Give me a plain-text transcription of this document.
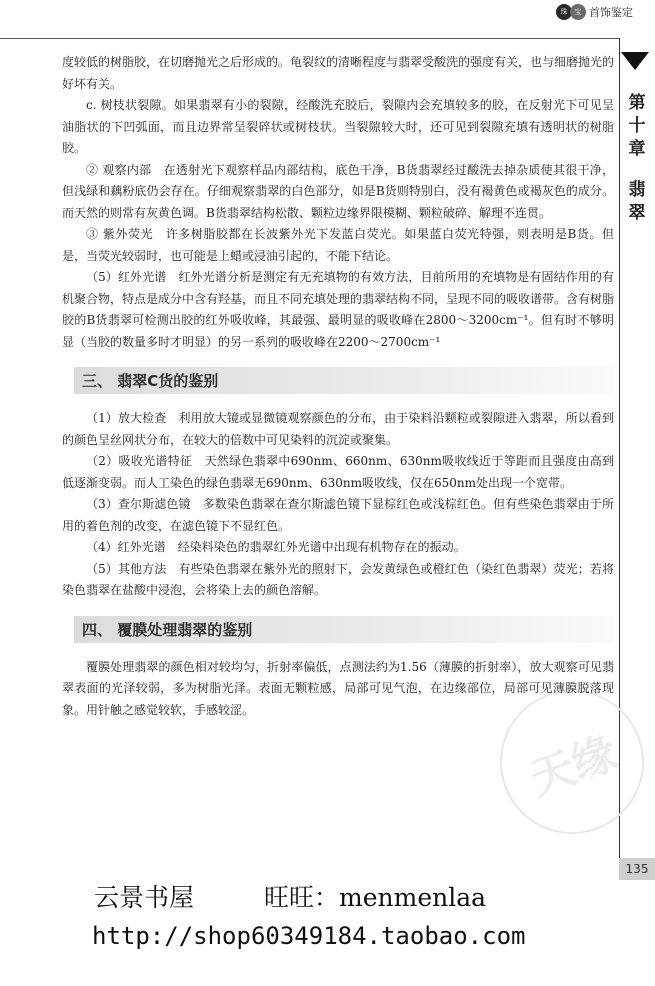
珠	宝 首饰鉴定
第十章
翡翠
135
天缘

度较低的树脂胶，在切磨抛光之后形成的。龟裂纹的清晰程度与翡翠受酸洗的强度有关，也与细磨抛光的好坏有关。

c. 树枝状裂隙。如果翡翠有小的裂隙，经酸洗充胶后，裂隙内会充填较多的胶，在反射光下可见呈油脂状的下凹弧面，而且边界常呈裂碎状或树枝状。当裂隙较大时，还可见到裂隙充填有透明状的树脂胶。

② 观察内部　在透射光下观察样品内部结构，底色干净，B货翡翠经过酸洗去掉杂质使其很干净，但浅绿和藕粉底仍会存在。仔细观察翡翠的白色部分，如是B货则特别白，没有褐黄色或褐灰色的成分。而天然的则常有灰黄色调。B货翡翠结构松散、颗粒边缘界限模糊、颗粒破碎、解理不连贯。

③ 紫外荧光　许多树脂胶都在长波紫外光下发蓝白荧光。如果蓝白荧光特强，则表明是B货。但是，当荧光较弱时，也可能是上蜡或浸油引起的，不能下结论。

（5）红外光谱　红外光谱分析是测定有无充填物的有效方法，目前所用的充填物是有固结作用的有机聚合物，特点是成分中含有羟基，而且不同充填处理的翡翠结构不同，呈现不同的吸收谱带。含有树脂胶的B货翡翠可检测出胶的红外吸收峰，其最强、最明显的吸收峰在2800～3200cm⁻¹。但有时不够明显（当胶的数量多时才明显）的另一系列的吸收峰在2200～2700cm⁻¹

三、 翡翠C货的鉴别

（1）放大检查　利用放大镜或显微镜观察颜色的分布，由于染料沿颗粒或裂隙进入翡翠，所以看到的颜色呈丝网状分布，在较大的倍数中可见染料的沉淀或聚集。

（2）吸收光谱特征　天然绿色翡翠中690nm、660nm、630nm吸收线近于等距而且强度由高到低逐渐变弱。而人工染色的绿色翡翠无690nm、630nm吸收线，仅在650nm处出现一个宽带。

（3）查尔斯滤色镜　多数染色翡翠在查尔斯滤色镜下显棕红色或浅棕红色。但有些染色翡翠由于所用的着色剂的改变，在滤色镜下不显红色。

（4）红外光谱　经染料染色的翡翠红外光谱中出现有机物存在的振动。

（5）其他方法　有些染色翡翠在紫外光的照射下，会发黄绿色或橙红色（染红色翡翠）荧光；若将染色翡翠在盐酸中浸泡，会将染上去的颜色溶解。

四、 覆膜处理翡翠的鉴别

覆膜处理翡翠的颜色相对较均匀，折射率偏低，点测法约为1.56（薄膜的折射率），放大观察可见翡翠表面的光泽较弱，多为树脂光泽。表面无颗粒感，局部可见气泡，在边缘部位，局部可见薄膜脱落现象。用针触之感觉较软，手感较涩。

云景书屋	旺旺：menmenlaa
http://shop60349184.taobao.com
